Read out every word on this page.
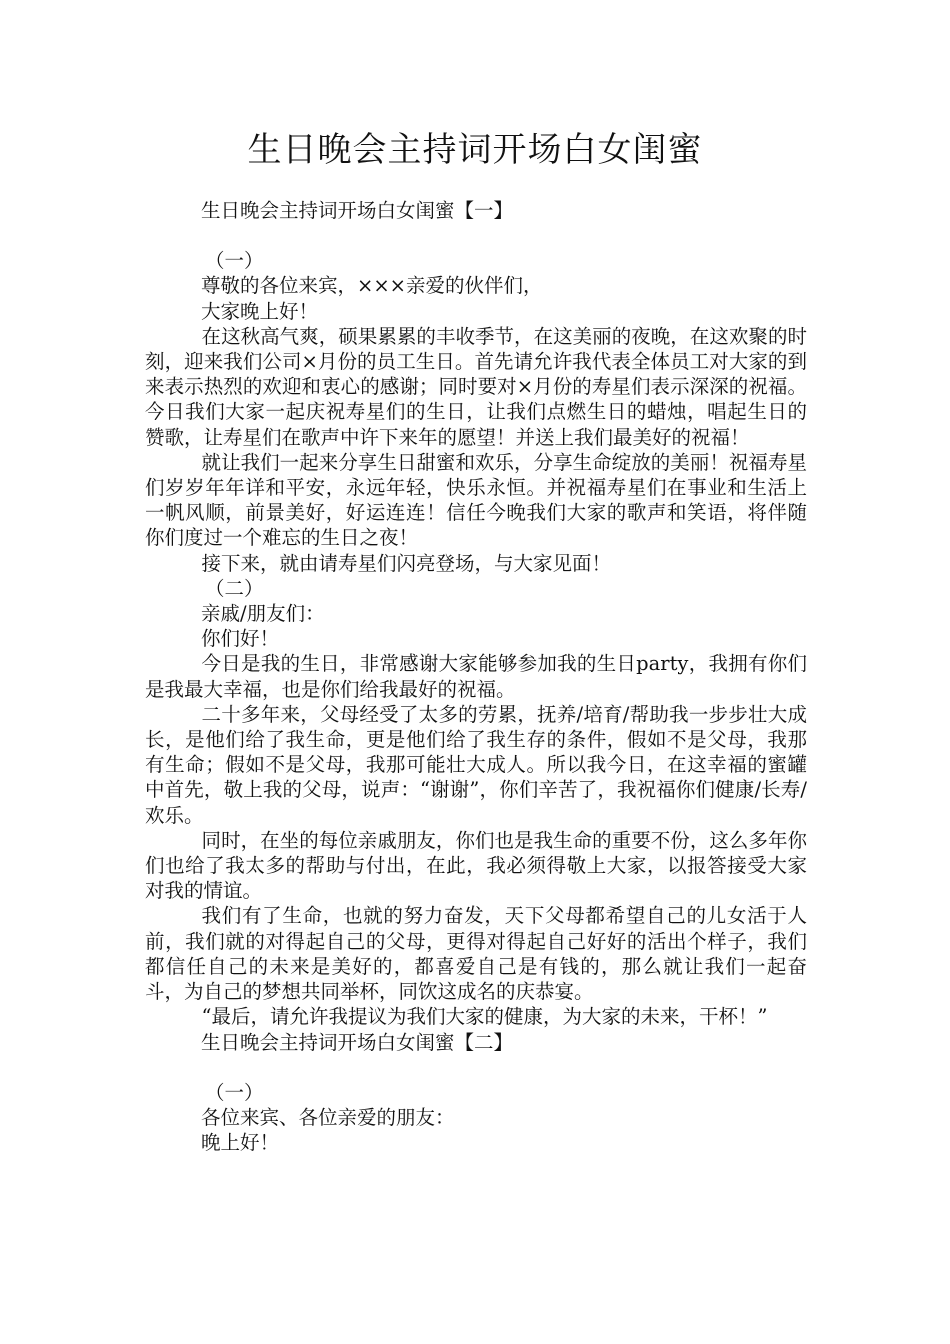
生日晚会主持词开场白女闺蜜

生日晚会主持词开场白女闺蜜【一】

（一）

尊敬的各位来宾，×××亲爱的伙伴们，

大家晚上好！

在这秋高气爽，硕果累累的丰收季节，在这美丽的夜晚，在这欢聚的时刻，迎来我们公司×月份的员工生日。首先请允许我代表全体员工对大家的到来表示热烈的欢迎和衷心的感谢；同时要对×月份的寿星们表示深深的祝福。今日我们大家一起庆祝寿星们的生日，让我们点燃生日的蜡烛，唱起生日的赞歌，让寿星们在歌声中许下来年的愿望！并送上我们最美好的祝福！

就让我们一起来分享生日甜蜜和欢乐，分享生命绽放的美丽！祝福寿星们岁岁年年详和平安，永远年轻，快乐永恒。并祝福寿星们在事业和生活上一帆风顺，前景美好，好运连连！信任今晚我们大家的歌声和笑语，将伴随你们度过一个难忘的生日之夜！

接下来，就由请寿星们闪亮登场，与大家见面！

（二）

亲戚/朋友们：

你们好！

今日是我的生日，非常感谢大家能够参加我的生日party，我拥有你们是我最大幸福，也是你们给我最好的祝福。

二十多年来，父母经受了太多的劳累，抚养/培育/帮助我一步步壮大成长，是他们给了我生命，更是他们给了我生存的条件，假如不是父母，我那有生命；假如不是父母，我那可能壮大成人。所以我今日，在这幸福的蜜罐中首先，敬上我的父母，说声：“谢谢”，你们辛苦了，我祝福你们健康/长寿/欢乐。

同时，在坐的每位亲戚朋友，你们也是我生命的重要不份，这么多年你们也给了我太多的帮助与付出，在此，我必须得敬上大家，以报答接受大家对我的情谊。

我们有了生命，也就的努力奋发，天下父母都希望自己的儿女活于人前，我们就的对得起自己的父母，更得对得起自己好好的活出个样子，我们都信任自己的未来是美好的，都喜爱自己是有钱的，那么就让我们一起奋斗，为自己的梦想共同举杯，同饮这成名的庆恭宴。

“最后，请允许我提议为我们大家的健康，为大家的未来，干杯！”

生日晚会主持词开场白女闺蜜【二】

（一）

各位来宾、各位亲爱的朋友：

晚上好！
